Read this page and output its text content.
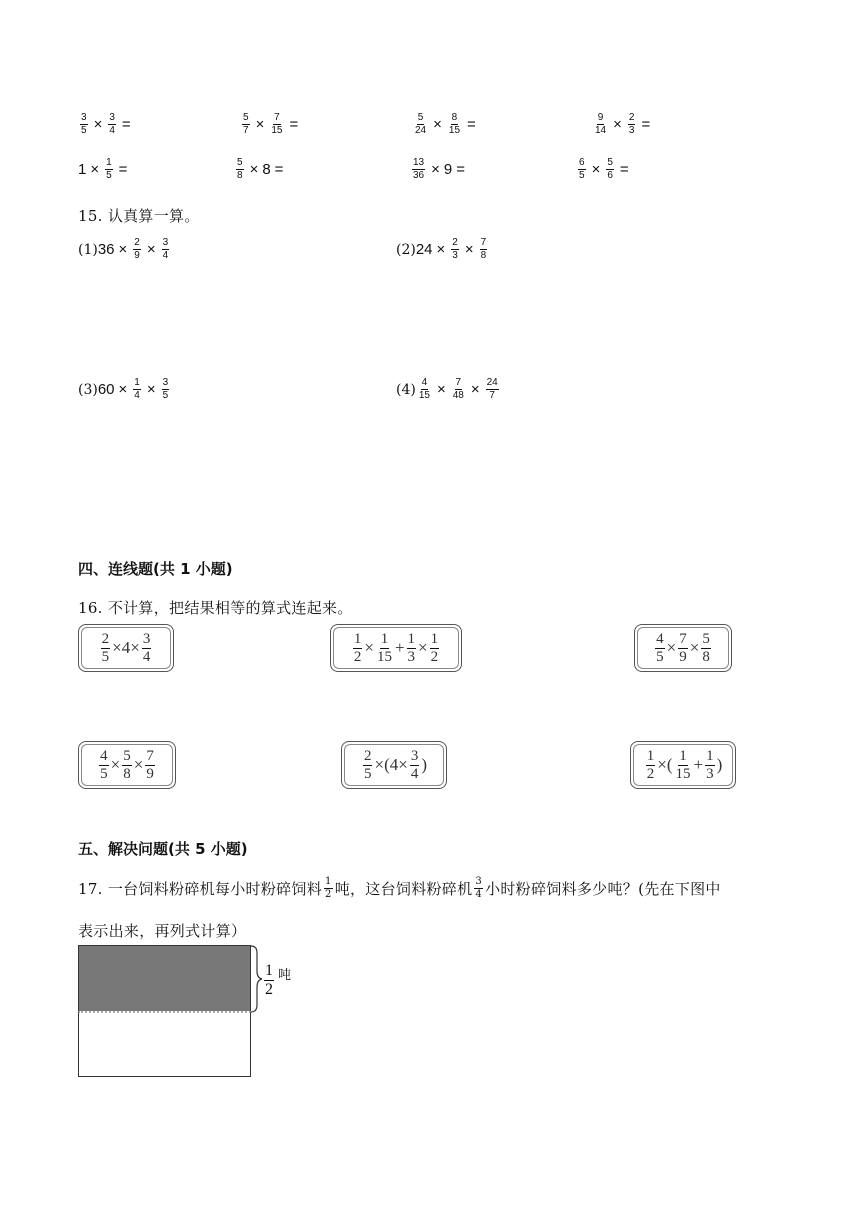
$\frac{3}{5} \times \frac{3}{4}$ =	$\frac{5}{7} \times \frac{7}{15}$ =	$\frac{5}{24} \times \frac{8}{15}$ =	$\frac{9}{14} \times \frac{2}{3}$ =
$1 \times \frac{1}{5}$ =	$\frac{5}{8} \times 8$ =	$\frac{13}{36} \times 9$ =	$\frac{6}{5} \times \frac{5}{6}$ =
15. 认真算一算。
(1) $36 \times \frac{2}{9} \times \frac{3}{4}$	(2) $24 \times \frac{2}{3} \times \frac{7}{8}$
(3) $60 \times \frac{1}{4} \times \frac{3}{5}$	$(4) \frac{4}{15} \times \frac{7}{48} \times \frac{24}{7}$
四、连线题(共 1 小题)
16. 不计算，把结果相等的算式连起来。
$\frac{2}{5} \times 4 \times \frac{3}{4}$	$\frac{1}{2} \times \frac{1}{15} + \frac{1}{3} \times \frac{1}{2}$	$\frac{4}{5} \times \frac{7}{9} \times \frac{5}{8}$
$\frac{4}{5} \times \frac{5}{8} \times \frac{7}{9}$	$\frac{2}{5}$ × ( $4 \times \frac{3}{4}$ )	$\frac{1}{2}$ × ( $\frac{1}{15} + \frac{1}{3}$ )
五、解决问题(共 5 小题)
17. 一台饲料粉碎机每小时粉碎饲料 $\frac{1}{2}$ 吨，这台饲料粉碎机 $\frac{3}{4}$ 小时粉碎饲料多少吨？(先在下图中
表示出来，再列式计算）
$\frac{1}{2}$ 吨
